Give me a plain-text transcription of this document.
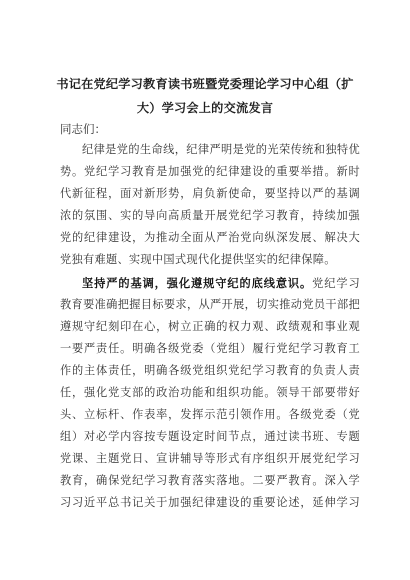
书记在党纪学习教育读书班暨党委理论学习中心组（扩
大）学习会上的交流发言
同志们：
纪律是党的生命线，纪律严明是党的光荣传统和独特优
势。党纪学习教育是加强党的纪律建设的重要举措。新时
代新征程，面对新形势，肩负新使命，要坚持以严的基调
浓的氛围、实的导向高质量开展党纪学习教育，持续加强
党的纪律建设，为推动全面从严治党向纵深发展、解决大
党独有难题、实现中国式现代化提供坚实的纪律保障。
坚持严的基调，强化遵规守纪的底线意识。党纪学习
教育要准确把握目标要求，从严开展，切实推动党员干部把
遵规守纪刻印在心，树立正确的权力观、政绩观和事业观
一要严责任。明确各级党委（党组）履行党纪学习教育工
作的主体责任，明确各级党组织党纪学习教育的负责人责
任，强化党支部的政治功能和组织功能。领导干部要带好
头、立标杆、作表率，发挥示范引领作用。各级党委（党
组）对必学内容按专题设定时间节点，通过读书班、专题
党课、主题党日、宣讲辅导等形式有序组织开展党纪学习
教育，确保党纪学习教育落实落地。二要严教育。深入学
习习近平总书记关于加强纪律建设的重要论述，延伸学习
